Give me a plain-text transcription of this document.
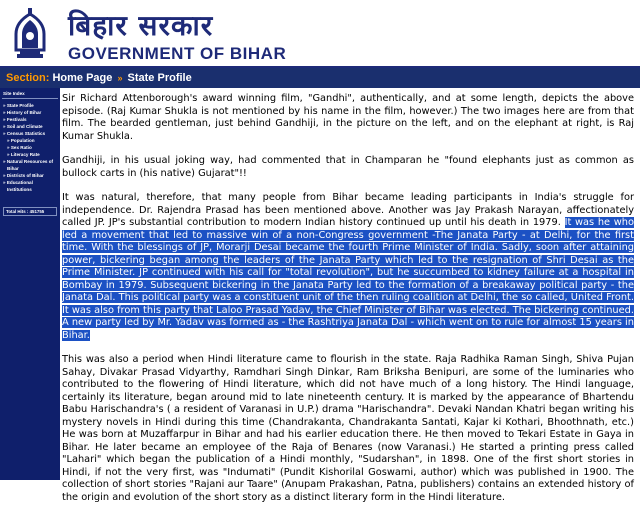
बिहार सरकार
GOVERNMENT OF BIHAR
Section: Home Page » State Profile
Site Index
» State Profile
» History of Bihar
» Festivals
» Soil and Climate
» Census Statistics
» Population
» Sex Ratio
» Literacy Rate
» Natural Resources of
Bihar
» Districts of Bihar
» Educational
Institutions
Total Hits : 451755

Sir Richard Attenborough's award winning film, "Gandhi", authentically, and at some length, depicts the above episode. (Raj Kumar Shukla is not mentioned by his name in the film, however.) The two images here are from that film. The bearded gentleman, just behind Gandhiji, in the picture on the left, and on the elephant at right, is Raj Kumar Shukla.

Gandhiji, in his usual joking way, had commented that in Champaran he "found elephants just as common as bullock carts in (his native) Gujarat"!!

It was natural, therefore, that many people from Bihar became leading participants in India's struggle for independence. Dr. Rajendra Prasad has been mentioned above. Another was Jay Prakash Narayan, affectionately called JP. JP's substantial contribution to modern Indian history continued up until his death in 1979. It was he who led a movement that led to massive win of a non-Congress government -The Janata Party - at Delhi, for the first time. With the blessings of JP, Morarji Desai became the fourth Prime Minister of India. Sadly, soon after attaining power, bickering began among the leaders of the Janata Party which led to the resignation of Shri Desai as the Prime Minister. JP continued with his call for "total revolution", but he succumbed to kidney failure at a hospital in Bombay in 1979. Subsequent bickering in the Janata Party led to the formation of a breakaway political party - the Janata Dal. This political party was a constituent unit of the then ruling coalition at Delhi, the so called, United Front. It was also from this party that Laloo Prasad Yadav, the Chief Minister of Bihar was elected. The bickering continued. A new party led by Mr. Yadav was formed as - the Rashtriya Janata Dal - which went on to rule for almost 15 years in Bihar.

This was also a period when Hindi literature came to flourish in the state. Raja Radhika Raman Singh, Shiva Pujan Sahay, Divakar Prasad Vidyarthy, Ramdhari Singh Dinkar, Ram Briksha Benipuri, are some of the luminaries who contributed to the flowering of Hindi literature, which did not have much of a long history. The Hindi language, certainly its literature, began around mid to late nineteenth century. It is marked by the appearance of Bhartendu Babu Harischandra's ( a resident of Varanasi in U.P.) drama "Harischandra". Devaki Nandan Khatri began writing his mystery novels in Hindi during this time (Chandrakanta, Chandrakanta Santati, Kajar ki Kothari, Bhoothnath, etc.) He was born at Muzaffarpur in Bihar and had his earlier education there. He then moved to Tekari Estate in Gaya in Bihar. He later became an employee of the Raja of Benares (now Varanasi.) He started a printing press called "Lahari" which began the publication of a Hindi monthly, "Sudarshan", in 1898. One of the first short stories in Hindi, if not the very first, was "Indumati" (Pundit Kishorilal Goswami, author) which was published in 1900. The collection of short stories "Rajani aur Taare" (Anupam Prakashan, Patna, publishers) contains an extended history of the origin and evolution of the short story as a distinct literary form in the Hindi literature.
